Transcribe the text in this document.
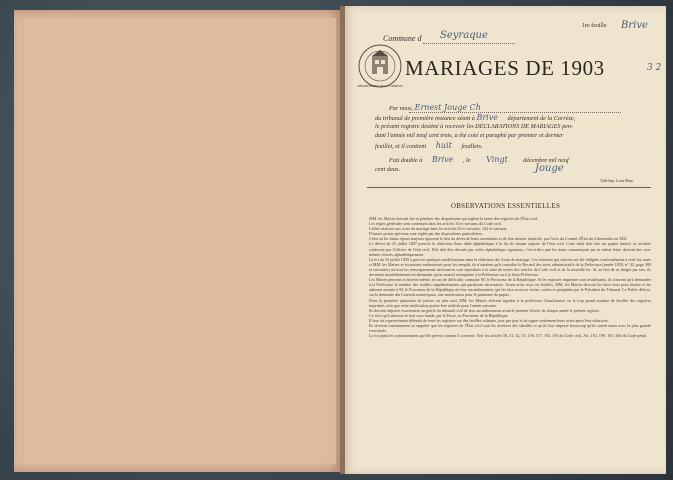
Commune d Seyraque
1re feuille Brive
3 2
DÉPARTEMENT DE LA CORRÈZE
MARIAGES DE 1903
Par nous, Ernest Jouge Ch
du tribunal de première instance séant à Brive département de la Corrèze,
le présent registre destiné à recevoir les DÉCLARATIONS DE MARIAGES pen-
dant l'année mil neuf cent trois, a été coté et paraphé par premier et dernier
feuillet, et il contient huit feuillets.
Fait double à Brive , le Vingt	décembre mil neuf
cent deux.	Jouge
Tulle Imp. Louis Mazo
OBSERVATIONS ESSENTIELLES

MM. les Maires doivent lire et pénétrer des dispositions qui règlent la tenue des registres de l'État civil.

Les règles générales sont contenues dans les articles 34 et suivants du Code civil.

Celles relatives aux actes de mariage dans les articles 63 et suivants, 164 et suivants.

D'autres points spéciaux sont réglés par des dispositions particulières.

Celui où les futurs époux majeurs ignorent le lieu du décès de leurs ascendants et de leur dernier domicile, par l'avis du Conseil d'État du 4 thermidor an XIII.

Le décret du 25 juillet 1807 prescrit la rédaction d'une table alphabétique à la fin de chaque registre de l'état civil. Cette table doit être sur papier timbré, et certifiée conforme par l'officier de l'état civil. Elle doit être dressée par ordre alphabétique rigoureux, c'est-à-dire que les noms commençant par la même lettre doivent être eux-mêmes classés alphabétiquement.

La loi du 10 juillet 1850 a prescrit quelques modifications dans la rédaction des Actes de mariage. Les formules qui suivent ont été rédigées conformément à cette loi, mais si MM. les Maires se trouvaient embarrassés pour les remplir, ils n'auraient qu'à consulter le Recueil des actes administratifs de la Préfecture (année 1850, n° 42, page 380 et suivantes) où tous les renseignements nécessaires sont reproduits à la suite de textes des articles du Code civil et de la nouvelle loi. Si, au lieu de se diriger par eux, ils devraient immédiatement en demander qu'un nouvel exemplaire à la Préfecture ou à la Sous-Préfecture.

Les Maires peuvent et doivent même, en cas de difficulté, consulter M. le Procureur de la République. Si les registres imprimés sont insuffisants, ils n'auront qu'à demander à la Préfecture le nombre des feuilles supplémentaires qui paraîtront nécessaires. Avant avoir reçu ces feuilles, MM. les Maires devront les faire viser pour timbre et les adresser ensuite à M. le Procureur de la République de leur arrondissement, qui les fera recevoir visées, cotées et paraphées par le Président du Tribunal. Le Préfet délivre, sur la demande des Conseils municipaux, une autorisation pour le paiement du papier.

Dans la première quinzaine de janvier au plus tard, MM. les Maires doivent signaler à la préfecture l'insuffisance ou le trop grand nombre de feuilles des registres imprimés, afin que cette notification puisse être réalisée pour l'année suivante.

Ils doivent déposer exactement un greffe du tribunal civil de leur arrondissement avant le premier février de chaque année le présent registre.

Ce n'est qu'à adresser le tout sous bande, par la Poste, au Procureur de la République.

Il leur est expressément défendu de tenir les registres sur des feuilles volantes, jour par jour et de signer seulement leurs actes après leur rédaction.

Ils doivent constamment se rappeler que les registres de l'État civil sont les archives des familles et qu'ils leur importe beaucoup qu'ils soient tenus avec la plus grande exactitude.

La loi punit les contraventions qu'elle prévoit comme il convient. Voir les articles 50, 51, 52, 53, 156, 157, 192, 193 du Code civil, Art. 192, 199, 193, 346 du Code pénal.
